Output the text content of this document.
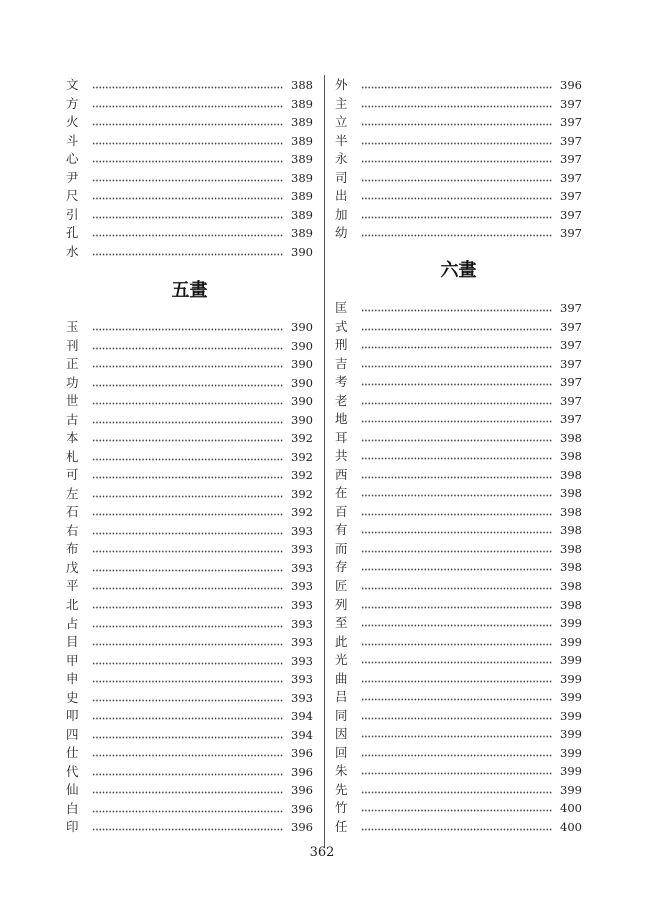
文	388
方	389
火	389
斗	389
心	389
尹	389
尺	389
引	389
孔	389
水	390
五畫
玉	390
刊	390
正	390
功	390
世	390
古	390
本	392
札	392
可	392
左	392
石	392
右	393
布	393
戊	393
平	393
北	393
占	393
目	393
甲	393
申	393
史	393
叩	394
四	394
仕	396
代	396
仙	396
白	396
印	396
外	396
主	397
立	397
半	397
永	397
司	397
出	397
加	397
幼	397
六畫
匡	397
式	397
刑	397
吉	397
考	397
老	397
地	397
耳	398
共	398
西	398
在	398
百	398
有	398
而	398
存	398
匠	398
列	398
至	399
此	399
光	399
曲	399
吕	399
同	399
因	399
回	399
朱	399
先	399
竹	400
任	400
362
